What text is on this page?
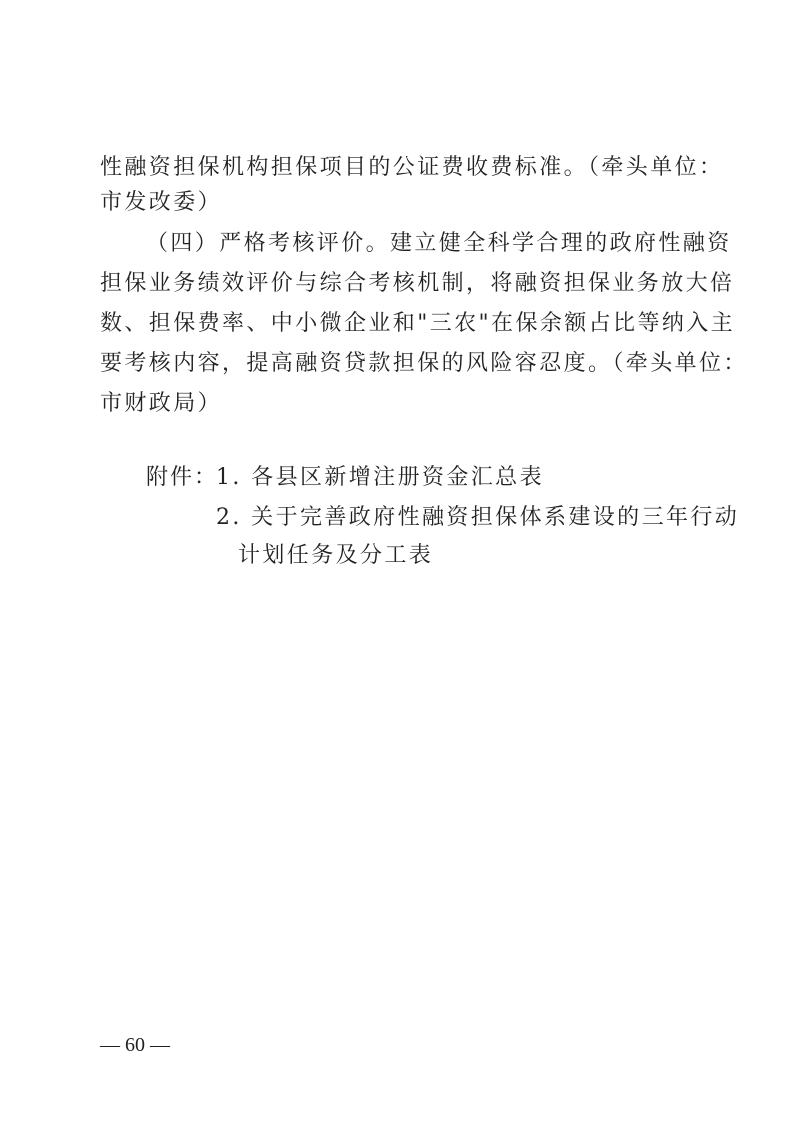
性融资担保机构担保项目的公证费收费标准。（牵头单位：
市发改委）
（四）严格考核评价。建立健全科学合理的政府性融资
担保业务绩效评价与综合考核机制，将融资担保业务放大倍
数、担保费率、中小微企业和"三农"在保余额占比等纳入主
要考核内容，提高融资贷款担保的风险容忍度。（牵头单位：
市财政局）
附件：
1. 各县区新增注册资金汇总表
2. 关于完善政府性融资担保体系建设的三年行动
计划任务及分工表
— 60 —
